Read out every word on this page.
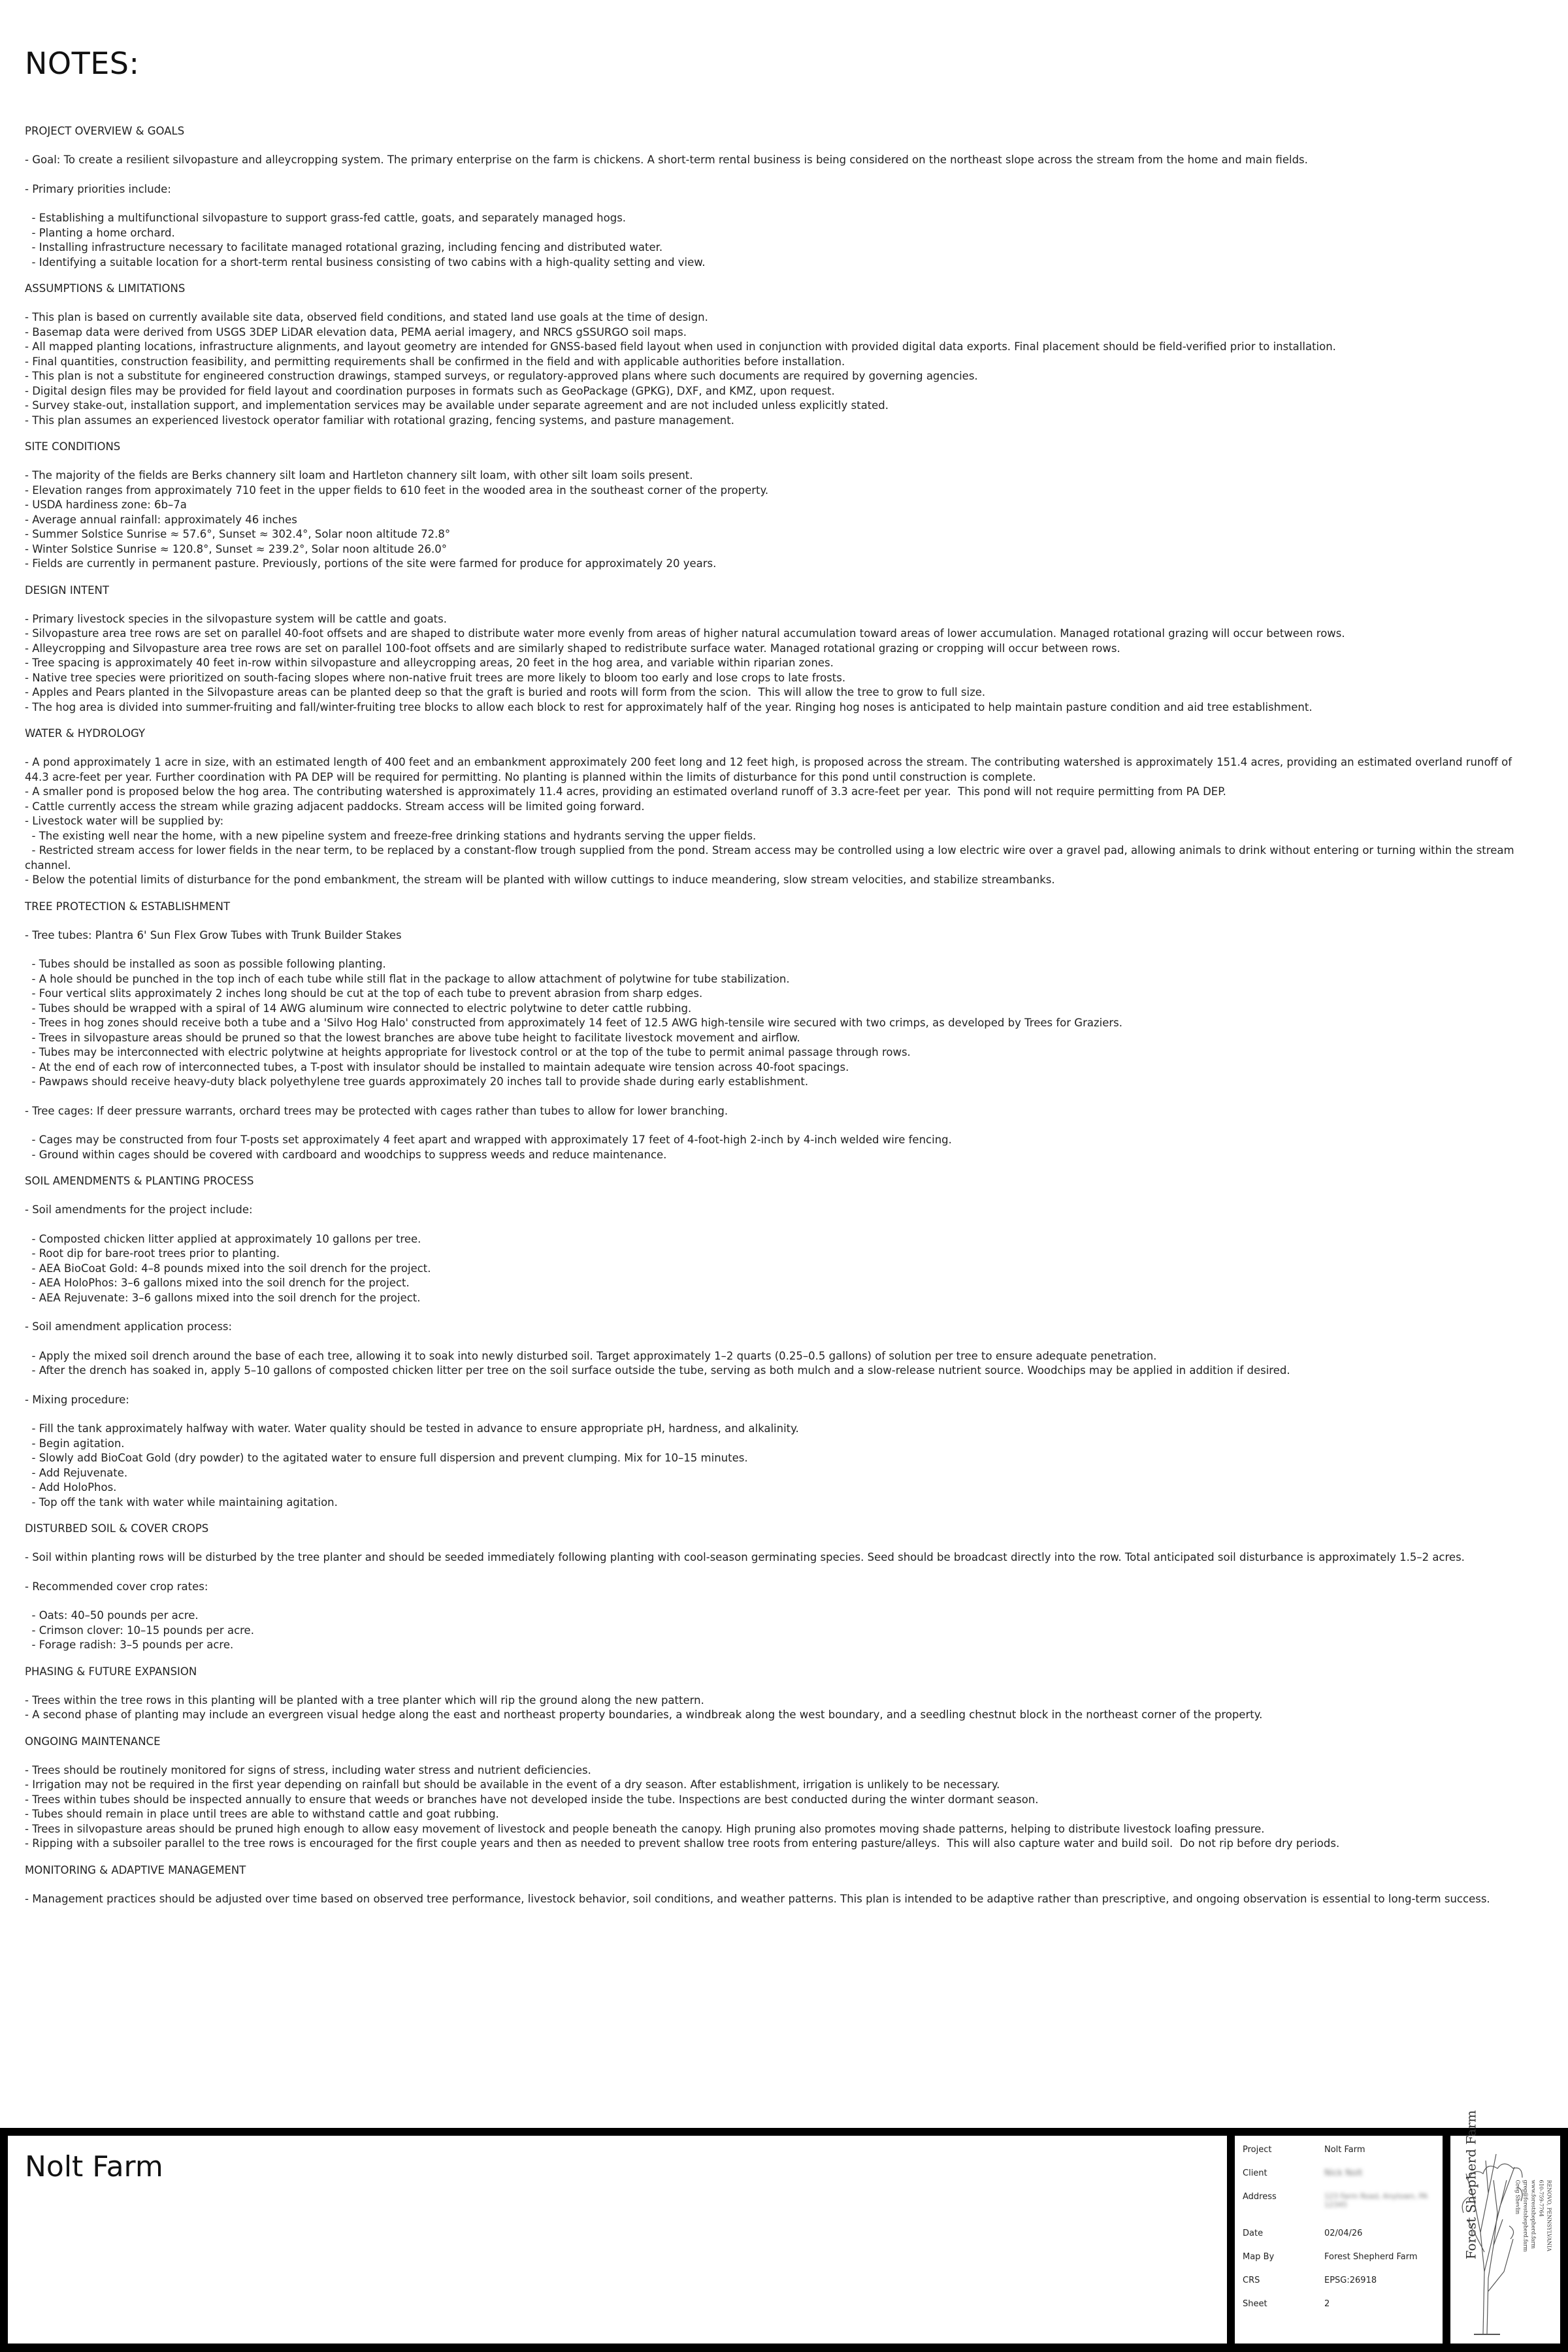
NOTES:
PROJECT OVERVIEW & GOALS
- Goal: To create a resilient silvopasture and alleycropping system. The primary enterprise on the farm is chickens. A short-term rental business is being considered on the northeast slope across the stream from the home and main fields.
- Primary priorities include:
- Establishing a multifunctional silvopasture to support grass-fed cattle, goats, and separately managed hogs.
- Planting a home orchard.
- Installing infrastructure necessary to facilitate managed rotational grazing, including fencing and distributed water.
- Identifying a suitable location for a short-term rental business consisting of two cabins with a high-quality setting and view.
ASSUMPTIONS & LIMITATIONS
- This plan is based on currently available site data, observed field conditions, and stated land use goals at the time of design.
- Basemap data were derived from USGS 3DEP LiDAR elevation data, PEMA aerial imagery, and NRCS gSSURGO soil maps.
- All mapped planting locations, infrastructure alignments, and layout geometry are intended for GNSS-based field layout when used in conjunction with provided digital data exports. Final placement should be field-verified prior to installation.
- Final quantities, construction feasibility, and permitting requirements shall be confirmed in the field and with applicable authorities before installation.
- This plan is not a substitute for engineered construction drawings, stamped surveys, or regulatory-approved plans where such documents are required by governing agencies.
- Digital design files may be provided for field layout and coordination purposes in formats such as GeoPackage (GPKG), DXF, and KMZ, upon request.
- Survey stake-out, installation support, and implementation services may be available under separate agreement and are not included unless explicitly stated.
- This plan assumes an experienced livestock operator familiar with rotational grazing, fencing systems, and pasture management.
SITE CONDITIONS
- The majority of the fields are Berks channery silt loam and Hartleton channery silt loam, with other silt loam soils present.
- Elevation ranges from approximately 710 feet in the upper fields to 610 feet in the wooded area in the southeast corner of the property.
- USDA hardiness zone: 6b–7a
- Average annual rainfall: approximately 46 inches
- Summer Solstice Sunrise ≈ 57.6°, Sunset ≈ 302.4°, Solar noon altitude 72.8°
- Winter Solstice Sunrise ≈ 120.8°, Sunset ≈ 239.2°, Solar noon altitude 26.0°
- Fields are currently in permanent pasture. Previously, portions of the site were farmed for produce for approximately 20 years.
DESIGN INTENT
- Primary livestock species in the silvopasture system will be cattle and goats.
- Silvopasture area tree rows are set on parallel 40-foot offsets and are shaped to distribute water more evenly from areas of higher natural accumulation toward areas of lower accumulation. Managed rotational grazing will occur between rows.
- Alleycropping and Silvopasture area tree rows are set on parallel 100-foot offsets and are similarly shaped to redistribute surface water. Managed rotational grazing or cropping will occur between rows.
- Tree spacing is approximately 40 feet in-row within silvopasture and alleycropping areas, 20 feet in the hog area, and variable within riparian zones.
- Native tree species were prioritized on south-facing slopes where non-native fruit trees are more likely to bloom too early and lose crops to late frosts.
- Apples and Pears planted in the Silvopasture areas can be planted deep so that the graft is buried and roots will form from the scion.  This will allow the tree to grow to full size.
- The hog area is divided into summer-fruiting and fall/winter-fruiting tree blocks to allow each block to rest for approximately half of the year. Ringing hog noses is anticipated to help maintain pasture condition and aid tree establishment.
WATER & HYDROLOGY
- A pond approximately 1 acre in size, with an estimated length of 400 feet and an embankment approximately 200 feet long and 12 feet high, is proposed across the stream. The contributing watershed is approximately 151.4 acres, providing an estimated overland runoff of 44.3 acre-feet per year. Further coordination with PA DEP will be required for permitting. No planting is planned within the limits of disturbance for this pond until construction is complete.
- A smaller pond is proposed below the hog area. The contributing watershed is approximately 11.4 acres, providing an estimated overland runoff of 3.3 acre-feet per year.  This pond will not require permitting from PA DEP.
- Cattle currently access the stream while grazing adjacent paddocks. Stream access will be limited going forward.
- Livestock water will be supplied by:
- The existing well near the home, with a new pipeline system and freeze-free drinking stations and hydrants serving the upper fields.
- Restricted stream access for lower fields in the near term, to be replaced by a constant-flow trough supplied from the pond. Stream access may be controlled using a low electric wire over a gravel pad, allowing animals to drink without entering or turning within the stream channel.
- Below the potential limits of disturbance for the pond embankment, the stream will be planted with willow cuttings to induce meandering, slow stream velocities, and stabilize streambanks.
TREE PROTECTION & ESTABLISHMENT
- Tree tubes: Plantra 6' Sun Flex Grow Tubes with Trunk Builder Stakes
- Tubes should be installed as soon as possible following planting.
- A hole should be punched in the top inch of each tube while still flat in the package to allow attachment of polytwine for tube stabilization.
- Four vertical slits approximately 2 inches long should be cut at the top of each tube to prevent abrasion from sharp edges.
- Tubes should be wrapped with a spiral of 14 AWG aluminum wire connected to electric polytwine to deter cattle rubbing.
- Trees in hog zones should receive both a tube and a 'Silvo Hog Halo' constructed from approximately 14 feet of 12.5 AWG high-tensile wire secured with two crimps, as developed by Trees for Graziers.
- Trees in silvopasture areas should be pruned so that the lowest branches are above tube height to facilitate livestock movement and airflow.
- Tubes may be interconnected with electric polytwine at heights appropriate for livestock control or at the top of the tube to permit animal passage through rows.
- At the end of each row of interconnected tubes, a T-post with insulator should be installed to maintain adequate wire tension across 40-foot spacings.
- Pawpaws should receive heavy-duty black polyethylene tree guards approximately 20 inches tall to provide shade during early establishment.
- Tree cages: If deer pressure warrants, orchard trees may be protected with cages rather than tubes to allow for lower branching.
- Cages may be constructed from four T-posts set approximately 4 feet apart and wrapped with approximately 17 feet of 4-foot-high 2-inch by 4-inch welded wire fencing.
- Ground within cages should be covered with cardboard and woodchips to suppress weeds and reduce maintenance.
SOIL AMENDMENTS & PLANTING PROCESS
- Soil amendments for the project include:
- Composted chicken litter applied at approximately 10 gallons per tree.
- Root dip for bare-root trees prior to planting.
- AEA BioCoat Gold: 4–8 pounds mixed into the soil drench for the project.
- AEA HoloPhos: 3–6 gallons mixed into the soil drench for the project.
- AEA Rejuvenate: 3–6 gallons mixed into the soil drench for the project.
- Soil amendment application process:
- Apply the mixed soil drench around the base of each tree, allowing it to soak into newly disturbed soil. Target approximately 1–2 quarts (0.25–0.5 gallons) of solution per tree to ensure adequate penetration.
- After the drench has soaked in, apply 5–10 gallons of composted chicken litter per tree on the soil surface outside the tube, serving as both mulch and a slow-release nutrient source. Woodchips may be applied in addition if desired.
- Mixing procedure:
- Fill the tank approximately halfway with water. Water quality should be tested in advance to ensure appropriate pH, hardness, and alkalinity.
- Begin agitation.
- Slowly add BioCoat Gold (dry powder) to the agitated water to ensure full dispersion and prevent clumping. Mix for 10–15 minutes.
- Add Rejuvenate.
- Add HoloPhos.
- Top off the tank with water while maintaining agitation.
DISTURBED SOIL & COVER CROPS
- Soil within planting rows will be disturbed by the tree planter and should be seeded immediately following planting with cool-season germinating species. Seed should be broadcast directly into the row. Total anticipated soil disturbance is approximately 1.5–2 acres.
- Recommended cover crop rates:
- Oats: 40–50 pounds per acre.
- Crimson clover: 10–15 pounds per acre.
- Forage radish: 3–5 pounds per acre.
PHASING & FUTURE EXPANSION
- Trees within the tree rows in this planting will be planted with a tree planter which will rip the ground along the new pattern.
- A second phase of planting may include an evergreen visual hedge along the east and northeast property boundaries, a windbreak along the west boundary, and a seedling chestnut block in the northeast corner of the property.
ONGOING MAINTENANCE
- Trees should be routinely monitored for signs of stress, including water stress and nutrient deficiencies.
- Irrigation may not be required in the first year depending on rainfall but should be available in the event of a dry season. After establishment, irrigation is unlikely to be necessary.
- Trees within tubes should be inspected annually to ensure that weeds or branches have not developed inside the tube. Inspections are best conducted during the winter dormant season.
- Tubes should remain in place until trees are able to withstand cattle and goat rubbing.
- Trees in silvopasture areas should be pruned high enough to allow easy movement of livestock and people beneath the canopy. High pruning also promotes moving shade patterns, helping to distribute livestock loafing pressure.
- Ripping with a subsoiler parallel to the tree rows is encouraged for the first couple years and then as needed to prevent shallow tree roots from entering pasture/alleys.  This will also capture water and build soil.  Do not rip before dry periods.
MONITORING & ADAPTIVE MANAGEMENT
- Management practices should be adjusted over time based on observed tree performance, livestock behavior, soil conditions, and weather patterns. This plan is intended to be adaptive rather than prescriptive, and ongoing observation is essential to long-term success.
Nolt Farm
Project	Nolt Farm
Client	Nick Nolt
Address	123 Farm Road, Anytown, PA 12345
Date	02/04/26
Map By	Forest Shepherd Farm
CRS	EPSG:26918
Sheet	2
Forest Shepherd Farm	Greg Shevlin greg@forestshepherd.farm www.forestshepherd.farm 610-759-7764 RENOVO, PENNSYLVANIA
